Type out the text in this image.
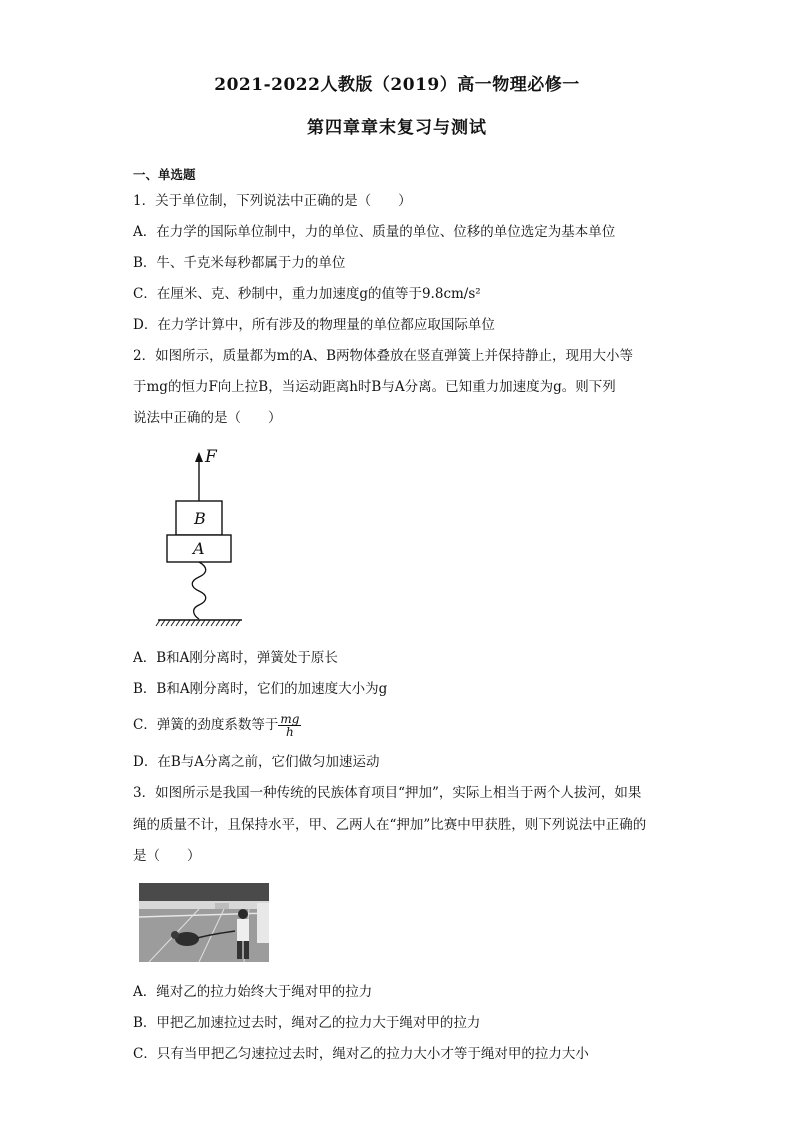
2021-2022人教版（2019）高一物理必修一
第四章章末复习与测试
一、单选题
1．关于单位制，下列说法中正确的是（　　）
A．在力学的国际单位制中，力的单位、质量的单位、位移的单位选定为基本单位
B．牛、千克米每秒都属于力的单位
C．在厘米、克、秒制中，重力加速度g的值等于9.8cm/s²
D．在力学计算中，所有涉及的物理量的单位都应取国际单位
2．如图所示，质量都为m的A、B两物体叠放在竖直弹簧上并保持静止，现用大小等
于mg的恒力F向上拉B，当运动距离h时B与A分离。已知重力加速度为g。则下列
说法中正确的是（　　）
F
B
A
A．B和A刚分离时，弹簧处于原长
B．B和A刚分离时，它们的加速度大小为g
C．弹簧的劲度系数等于 $\frac{mg}{h}$
D．在B与A分离之前，它们做匀加速运动
3．如图所示是我国一种传统的民族体育项目“押加”，实际上相当于两个人拔河，如果
绳的质量不计，且保持水平，甲、乙两人在“押加”比赛中甲获胜，则下列说法中正确的
是（　　）
A．绳对乙的拉力始终大于绳对甲的拉力
B．甲把乙加速拉过去时，绳对乙的拉力大于绳对甲的拉力
C．只有当甲把乙匀速拉过去时，绳对乙的拉力大小才等于绳对甲的拉力大小
